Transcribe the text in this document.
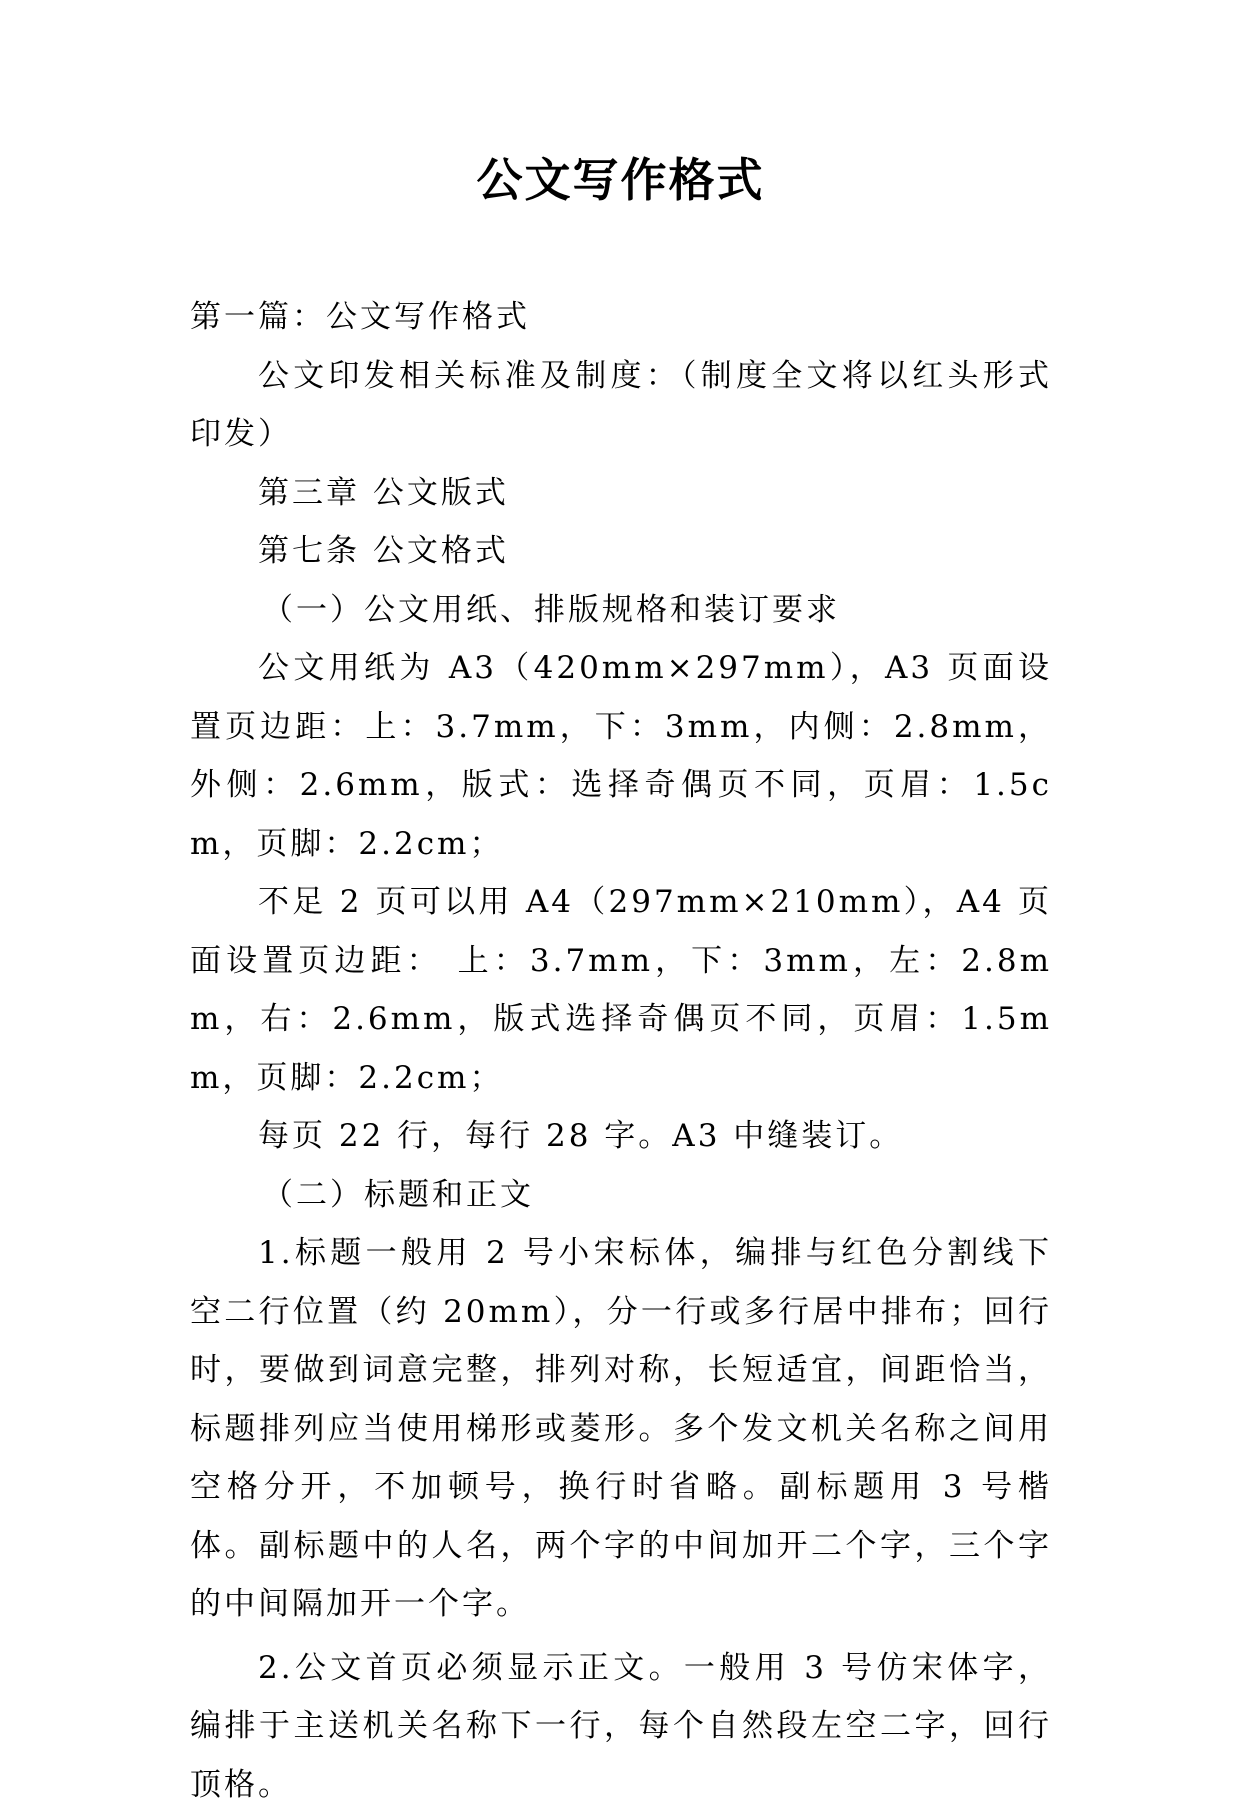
公文写作格式

第一篇：公文写作格式

公文印发相关标准及制度：（制度全文将以红头形式印发）

第三章 公文版式

第七条 公文格式

（一）公文用纸、排版规格和装订要求

公文用纸为 A3（420mm×297mm），A3 页面设置页边距：上：3.7mm，下：3mm，内侧：2.8mm，外侧：2.6mm，版式：选择奇偶页不同，页眉：1.5cm，页脚：2.2cm；

不足 2 页可以用 A4（297mm×210mm），A4 页面设置页边距： 上：3.7mm，下：3mm，左：2.8mm，右：2.6mm，版式选择奇偶页不同，页眉：1.5mm，页脚：2.2cm；

每页 22 行，每行 28 字。A3 中缝装订。

（二）标题和正文

1.标题一般用 2 号小宋标体，编排与红色分割线下空二行位置（约 20mm），分一行或多行居中排布；回行时，要做到词意完整，排列对称，长短适宜，间距恰当，标题排列应当使用梯形或菱形。多个发文机关名称之间用空格分开，不加顿号，换行时省略。副标题用 3 号楷体。副标题中的人名，两个字的中间加开二个字，三个字的中间隔加开一个字。

2.公文首页必须显示正文。一般用 3 号仿宋体字，编排于主送机关名称下一行，每个自然段左空二字，回行顶格。
